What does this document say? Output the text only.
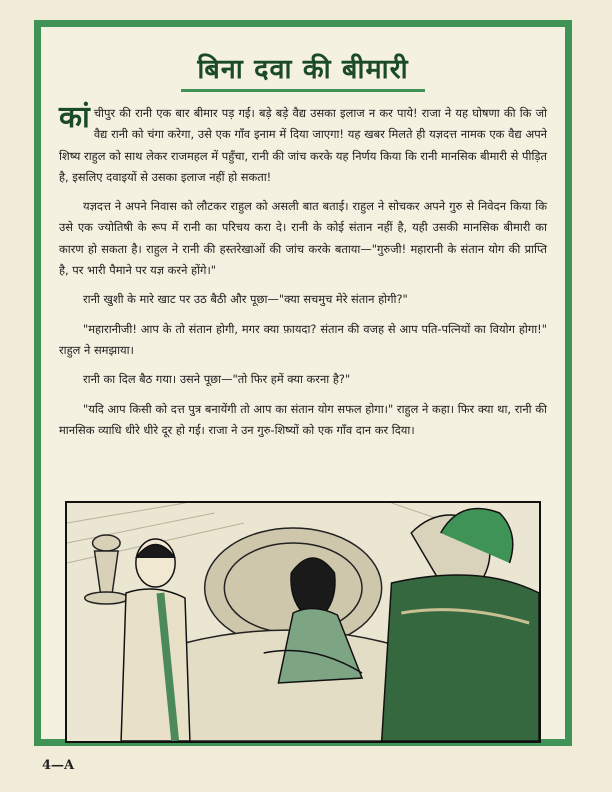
बिना दवा की बीमारी

कां चीपुर की रानी एक बार बीमार पड़ गई। बड़े बड़े वैद्य उसका इलाज न कर पाये! राजा ने यह घोषणा की कि जो वैद्य रानी को चंगा करेगा, उसे एक गाँव इनाम में दिया जाएगा! यह खबर मिलते ही यज्ञदत्त नामक एक वैद्य अपने शिष्य राहुल को साथ लेकर राजमहल में पहुँचा, रानी की जांच करके यह निर्णय किया कि रानी मानसिक बीमारी से पीड़ित है, इसलिए दवाइयों से उसका इलाज नहीं हो सकता!

यज्ञदत्त ने अपने निवास को लौटकर राहुल को असली बात बताई। राहुल ने सोचकर अपने गुरु से निवेदन किया कि उसे एक ज्योतिषी के रूप में रानी का परिचय करा दे। रानी के कोई संतान नहीं है, यही उसकी मानसिक बीमारी का कारण हो सकता है। राहुल ने रानी की हस्तरेखाओं की जांच करके बताया—"गुरुजी! महारानी के संतान योग की प्राप्ति है, पर भारी पैमाने पर यज्ञ करने होंगे।"

रानी खुशी के मारे खाट पर उठ बैठी और पूछा—"क्या सचमुच मेरे संतान होगी?"

"महारानीजी! आप के तो संतान होगी, मगर क्या फ़ायदा? संतान की वजह से आप पति-पत्नियों का वियोग होगा!" राहुल ने समझाया।

रानी का दिल बैठ गया। उसने पूछा—"तो फिर हमें क्या करना है?"

"यदि आप किसी को दत्त पुत्र बनायेंगी तो आप का संतान योग सफल होगा।" राहुल ने कहा। फिर क्या था, रानी की मानसिक व्याधि धीरे धीरे दूर हो गई। राजा ने उन गुरु-शिष्यों को एक गाँव दान कर दिया।

4—A
